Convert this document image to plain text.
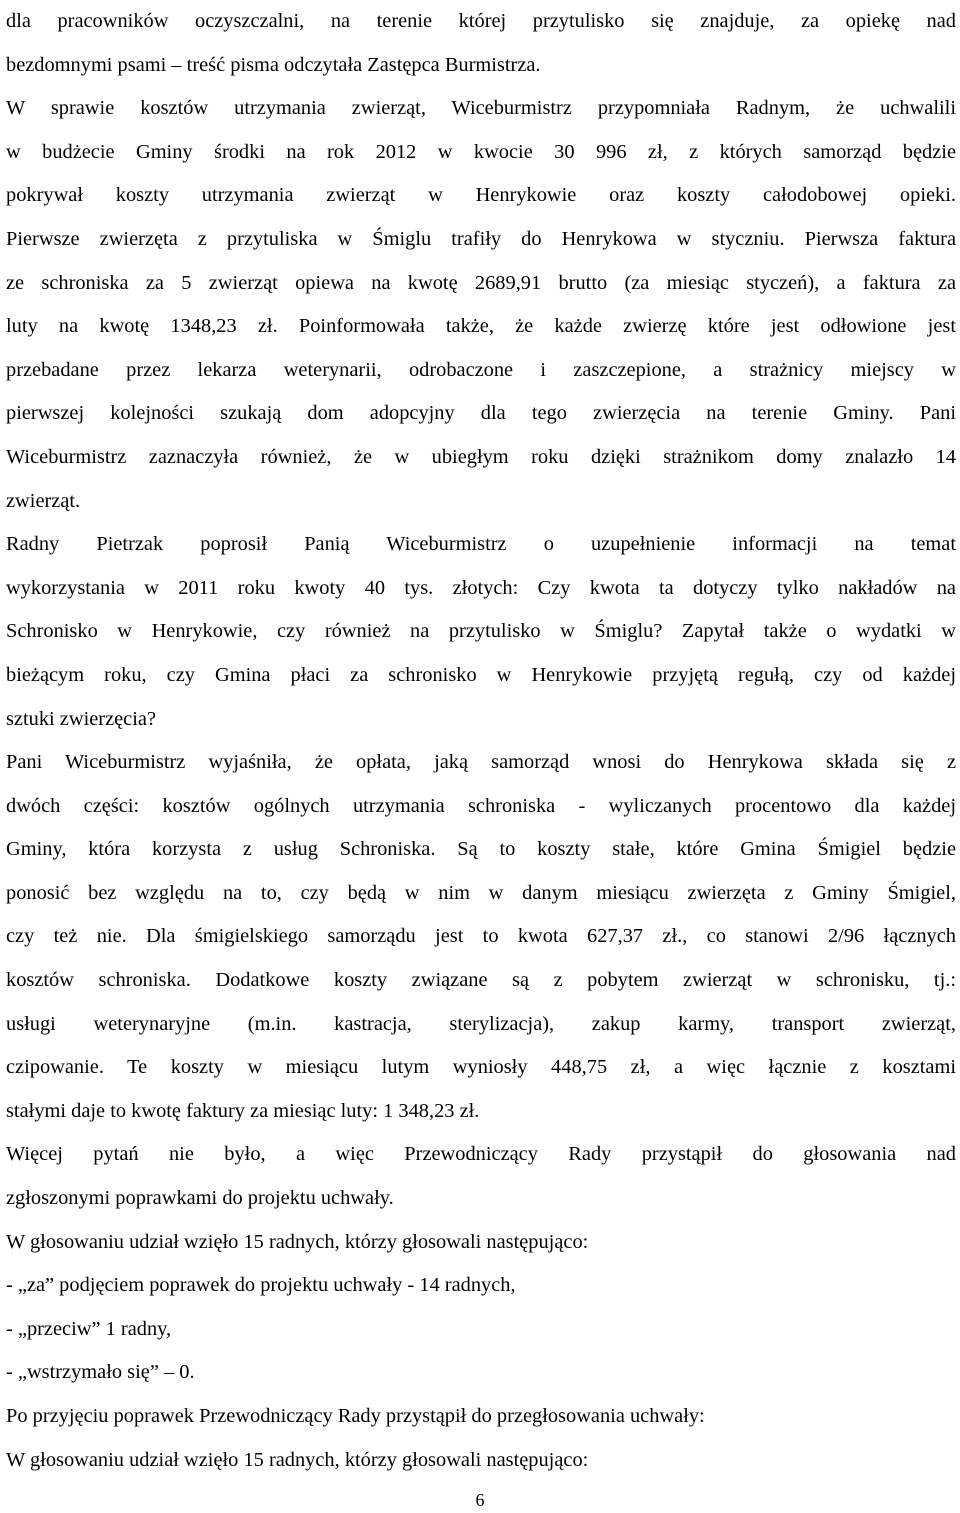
dla pracowników oczyszczalni, na terenie której przytulisko się znajduje, za opiekę nad
bezdomnymi psami – treść pisma odczytała Zastępca Burmistrza.
W sprawie kosztów utrzymania zwierząt, Wiceburmistrz przypomniała Radnym, że uchwalili
w budżecie Gminy środki na rok 2012 w kwocie 30 996 zł, z których samorząd będzie
pokrywał koszty utrzymania zwierząt w Henrykowie oraz koszty całodobowej opieki.
Pierwsze zwierzęta z przytuliska w Śmiglu trafiły do Henrykowa w styczniu. Pierwsza faktura
ze schroniska za 5 zwierząt opiewa na kwotę 2689,91 brutto (za miesiąc styczeń), a faktura za
luty na kwotę 1348,23 zł. Poinformowała także, że każde zwierzę które jest odłowione jest
przebadane przez lekarza weterynarii, odrobaczone i zaszczepione, a strażnicy miejscy w
pierwszej kolejności szukają dom adopcyjny dla tego zwierzęcia na terenie Gminy. Pani
Wiceburmistrz zaznaczyła również, że w ubiegłym roku dzięki strażnikom domy znalazło 14
zwierząt.
Radny Pietrzak poprosił Panią Wiceburmistrz o uzupełnienie informacji na temat
wykorzystania w 2011 roku kwoty 40 tys. złotych: Czy kwota ta dotyczy tylko nakładów na
Schronisko w Henrykowie, czy również na przytulisko w Śmiglu? Zapytał także o wydatki w
bieżącym roku, czy Gmina płaci za schronisko w Henrykowie przyjętą regułą, czy od każdej
sztuki zwierzęcia?
Pani Wiceburmistrz wyjaśniła, że opłata, jaką samorząd wnosi do Henrykowa składa się z
dwóch części: kosztów ogólnych utrzymania schroniska - wyliczanych procentowo dla każdej
Gminy, która korzysta z usług Schroniska. Są to koszty stałe, które Gmina Śmigiel będzie
ponosić bez względu na to, czy będą w nim w danym miesiącu zwierzęta z Gminy Śmigiel,
czy też nie. Dla śmigielskiego samorządu jest to kwota 627,37 zł., co stanowi 2/96 łącznych
kosztów schroniska. Dodatkowe koszty związane są z pobytem zwierząt w schronisku, tj.:
usługi weterynaryjne (m.in. kastracja, sterylizacja), zakup karmy, transport zwierząt,
czipowanie. Te koszty w miesiącu lutym wyniosły 448,75 zł, a więc łącznie z kosztami
stałymi daje to kwotę faktury za miesiąc luty: 1 348,23 zł.
Więcej pytań nie było, a więc Przewodniczący Rady przystąpił do głosowania nad
zgłoszonymi poprawkami do projektu uchwały.
W głosowaniu udział wzięło 15 radnych, którzy głosowali następująco:
- „za” podjęciem poprawek do projektu uchwały - 14 radnych,
- „przeciw” 1 radny,
- „wstrzymało się” – 0.
Po przyjęciu poprawek Przewodniczący Rady przystąpił do przegłosowania uchwały:
W głosowaniu udział wzięło 15 radnych, którzy głosowali następująco:
6
